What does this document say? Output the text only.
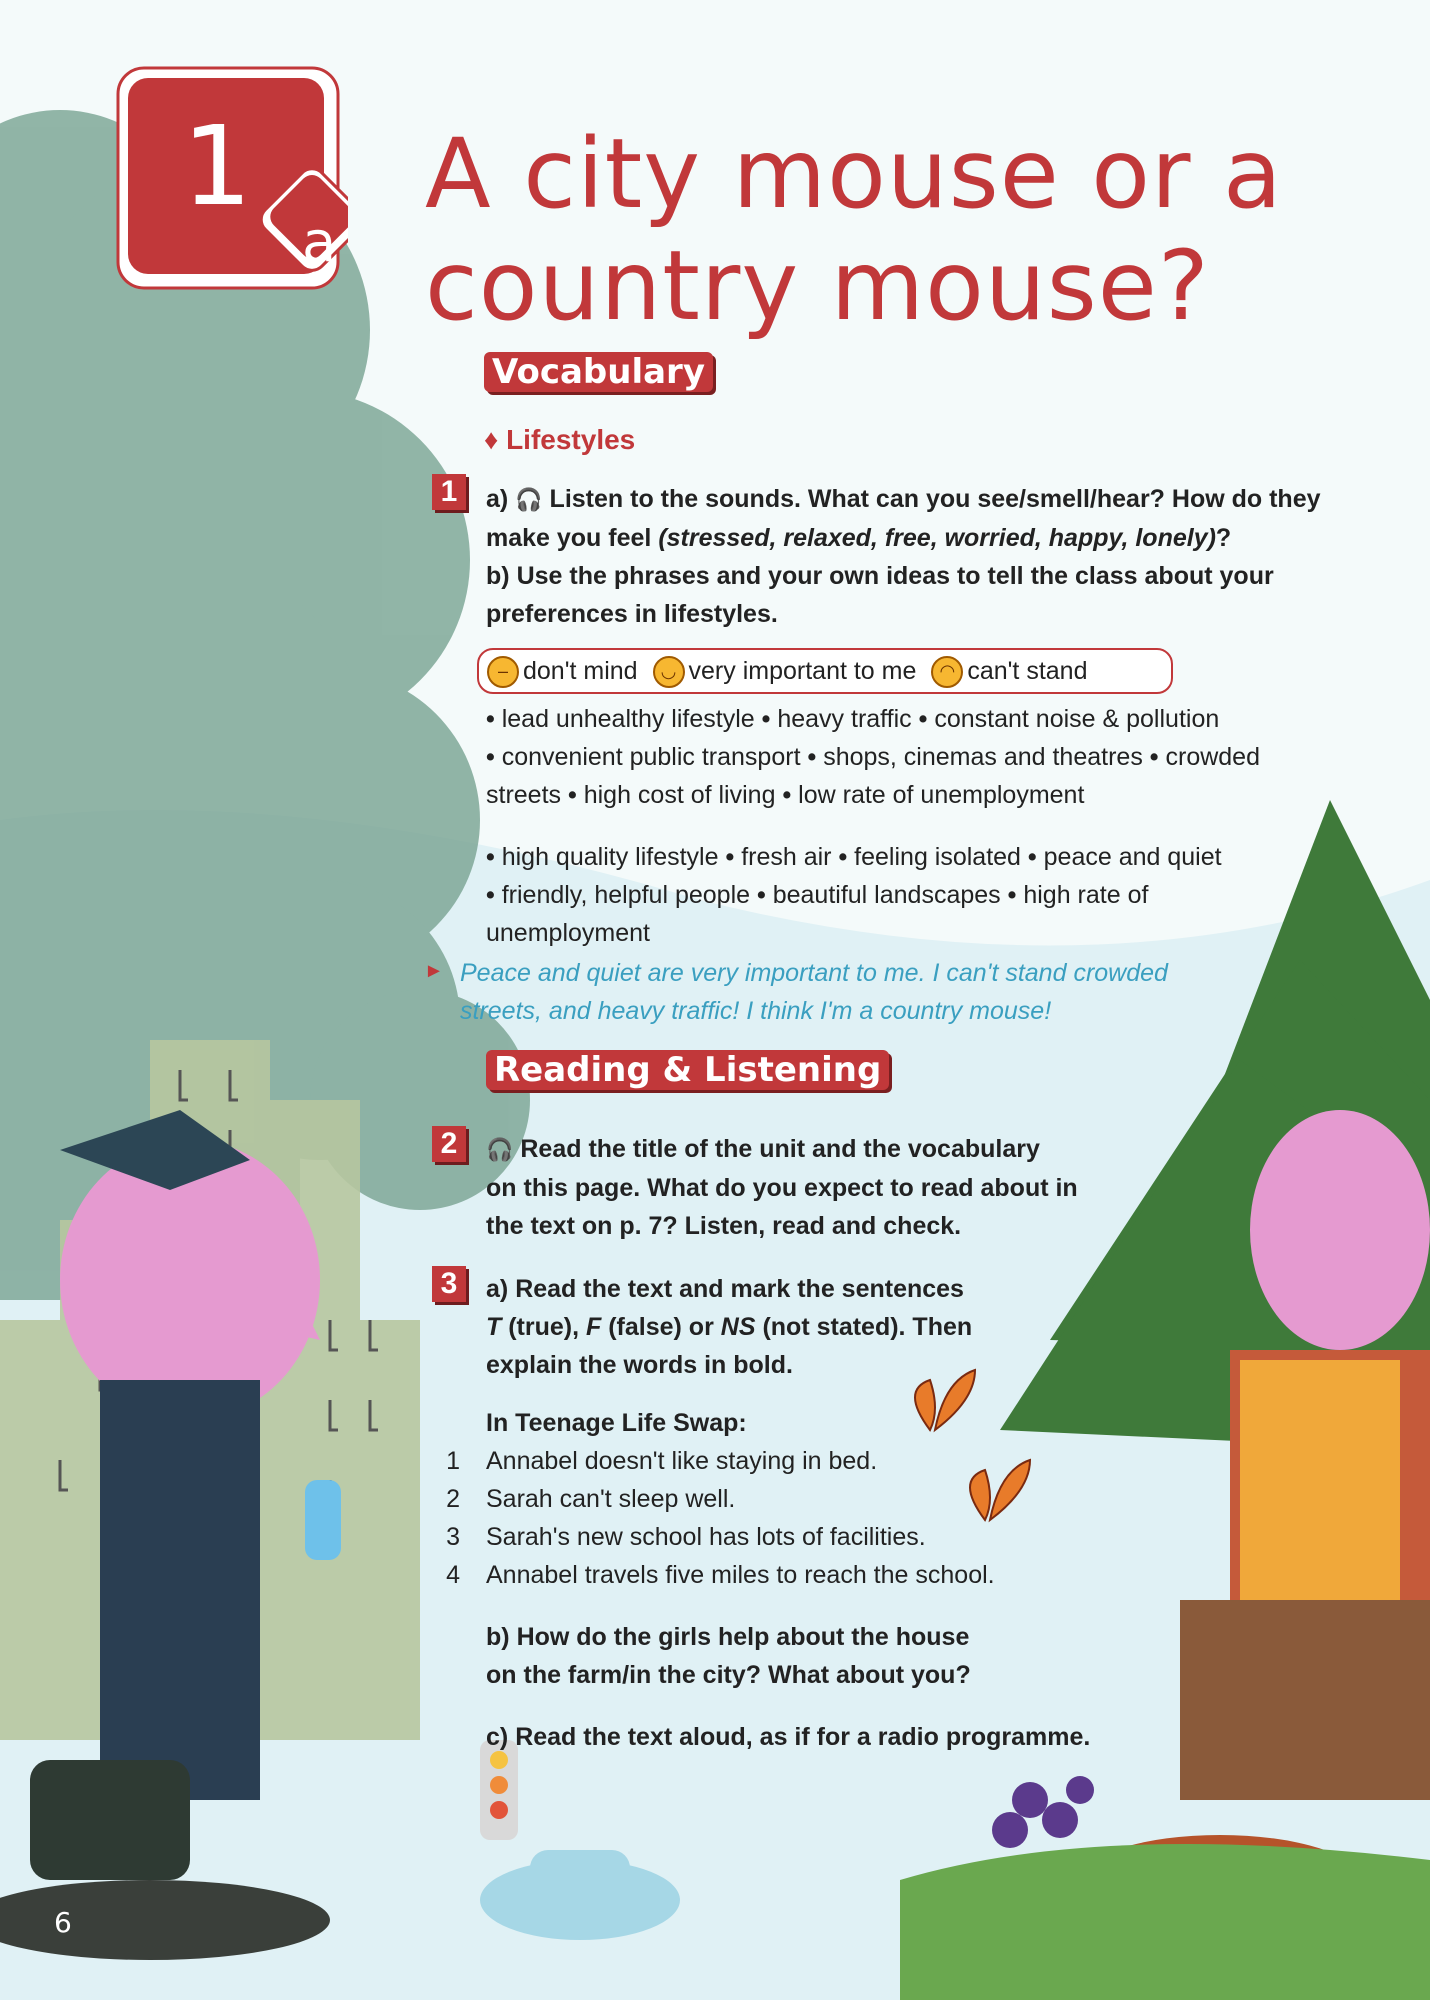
1
a
A city mouse or a
country mouse?
Vocabulary
♦ Lifestyles
1	a) 🎧 Listen to the sounds. What can you see/smell/hear? How do they
make you feel (stressed, relaxed, free, worried, happy, lonely)?
b) Use the phrases and your own ideas to tell the class about your
preferences in lifestyles.
– don't mind ◡ very important to me ◠ can't stand
• lead unhealthy lifestyle • heavy traffic • constant noise & pollution
• convenient public transport • shops, cinemas and theatres • crowded
streets • high cost of living • low rate of unemployment
• high quality lifestyle • fresh air • feeling isolated • peace and quiet
• friendly, helpful people • beautiful landscapes • high rate of
unemployment
► Peace and quiet are very important to me. I can't stand crowded
streets, and heavy traffic! I think I'm a country mouse!
Reading & Listening
2	🎧 Read the title of the unit and the vocabulary
on this page. What do you expect to read about in
the text on p. 7? Listen, read and check.
3	a) Read the text and mark the sentences
T (true), F (false) or NS (not stated). Then
explain the words in bold.
In Teenage Life Swap:
1 Annabel doesn't like staying in bed.
2 Sarah can't sleep well.
3 Sarah's new school has lots of facilities.
4 Annabel travels five miles to reach the school.
b) How do the girls help about the house
on the farm/in the city? What about you?
c) Read the text aloud, as if for a radio programme.
6
